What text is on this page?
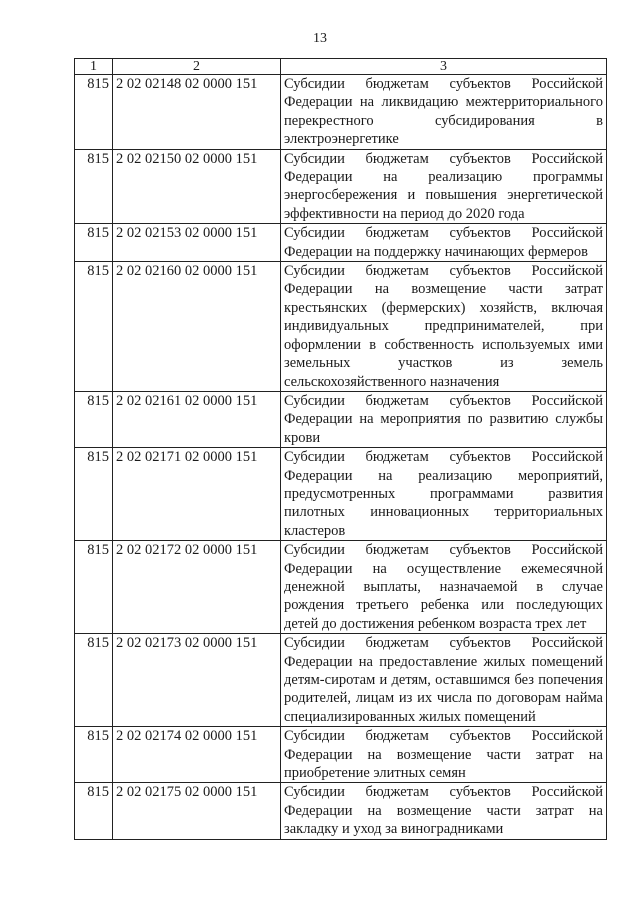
13
1	2	3
815	2 02 02148 02 0000 151	Субсидии бюджетам субъектов Российской Федерации на ликвидацию межтерриториального перекрестного субсидирования в электроэнергетике
815	2 02 02150 02 0000 151	Субсидии бюджетам субъектов Российской Федерации на реализацию программы энергосбережения и повышения энергетической эффективности на период до 2020 года
815	2 02 02153 02 0000 151	Субсидии бюджетам субъектов Российской Федерации на поддержку начинающих фермеров
815	2 02 02160 02 0000 151	Субсидии бюджетам субъектов Российской Федерации на возмещение части затрат крестьянских (фермерских) хозяйств, включая индивидуальных предпринимателей, при оформлении в собственность используемых ими земельных участков из земель сельскохозяйственного назначения
815	2 02 02161 02 0000 151	Субсидии бюджетам субъектов Российской Федерации на мероприятия по развитию службы крови
815	2 02 02171 02 0000 151	Субсидии бюджетам субъектов Российской Федерации на реализацию мероприятий, предусмотренных программами развития пилотных инновационных территориальных кластеров
815	2 02 02172 02 0000 151	Субсидии бюджетам субъектов Российской Федерации на осуществление ежемесячной денежной выплаты, назначаемой в случае рождения третьего ребенка или последующих детей до достижения ребенком возраста трех лет
815	2 02 02173 02 0000 151	Субсидии бюджетам субъектов Российской Федерации на предоставление жилых помещений детям-сиротам и детям, оставшимся без попечения родителей, лицам из их числа по договорам найма специализированных жилых помещений
815	2 02 02174 02 0000 151	Субсидии бюджетам субъектов Российской Федерации на возмещение части затрат на приобретение элитных семян
815	2 02 02175 02 0000 151	Субсидии бюджетам субъектов Российской Федерации на возмещение части затрат на закладку и уход за виноградниками
